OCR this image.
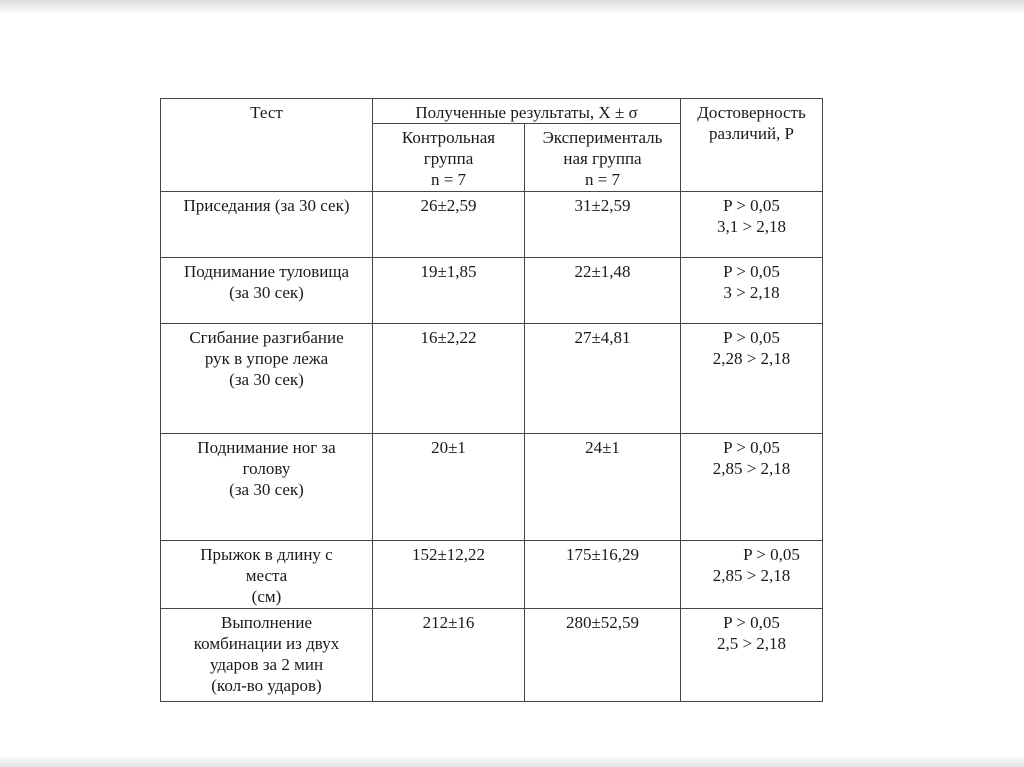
Тест	Полученные результаты, X ± σ		Достоверность
различий, Р

	Контрольная
группа
n = 7	Эксперименталь
ная группа
n = 7	

Приседания (за 30 сек)	26±2,59	31±2,59	P > 0,05
3,1 > 2,18

Поднимание туловища
(за 30 сек)	19±1,85	22±1,48	P > 0,05
3 > 2,18

Сгибание разгибание
рук в упоре лежа
(за 30 сек)	16±2,22	27±4,81	P > 0,05
2,28 > 2,18

Поднимание ног за
голову
(за 30 сек)	20±1	24±1	P > 0,05
2,85 > 2,18

Прыжок в длину с
места
(см)	152±12,22	175±16,29	P > 0,05
2,85 > 2,18

Выполнение
комбинации из двух
ударов за 2 мин
(кол-во ударов)	212±16	280±52,59	P > 0,05
2,5 > 2,18
